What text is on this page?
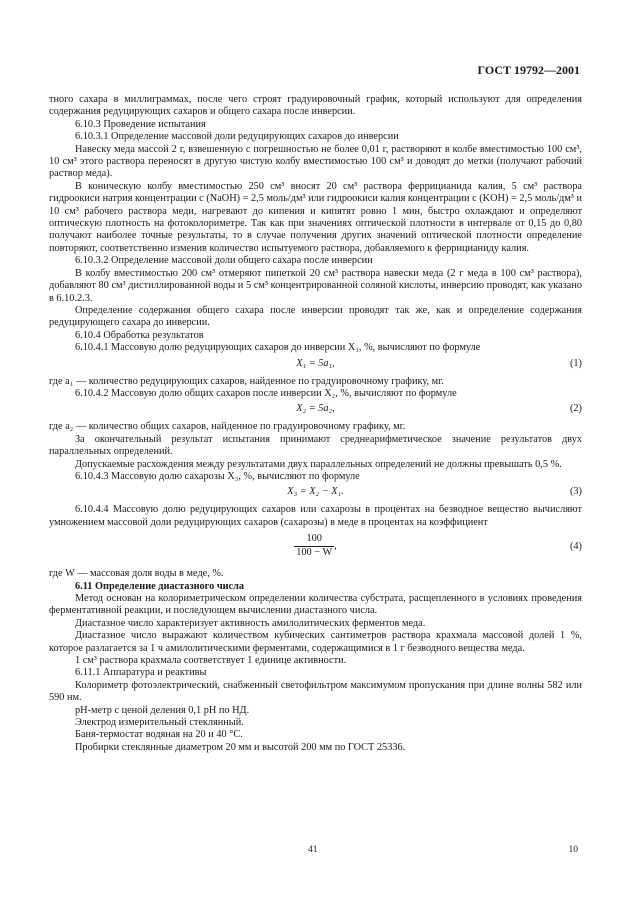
ГОСТ 19792—2001

тного сахара в миллиграммах, после чего строят градуировочный график, который используют для определения содержания редуцирующих сахаров и общего сахара после инверсии.

6.10.3 Проведение испытания

6.10.3.1 Определение массовой доли редуцирующих сахаров до инверсии

Навеску меда массой 2 г, взвешенную с погрешностью не более 0,01 г, растворяют в колбе вместимостью 100 см³, 10 см³ этого раствора переносят в другую чистую колбу вместимостью 100 см³ и доводят до метки (получают рабочий раствор меда).

В коническую колбу вместимостью 250 см³ вносят 20 см³ раствора феррицианида калия, 5 см³ раствора гидроокиси натрия концентрации с (NaOH) = 2,5 моль/дм³ или гидроокиси калия концентрации с (KOH) = 2,5 моль/дм³ и 10 см³ рабочего раствора меди, нагревают до кипения и кипятят ровно 1 мин, быстро охлаждают и определяют оптическую плотность на фотоколориметре. Так как при значениях оптической плотности в интервале от 0,15 до 0,80 получают наиболее точные результаты, то в случае получения других значений оптической плотности определение повторяют, соответственно изменив количество испытуемого раствора, добавляемого к феррицианиду калия.

6.10.3.2 Определение массовой доли общего сахара после инверсии

В колбу вместимостью 200 см³ отмеряют пипеткой 20 см³ раствора навески меда (2 г меда в 100 см³ раствора), добавляют 80 см³ дистиллированной воды и 5 см³ концентрированной соляной кислоты, инверсию проводят, как указано в 6.10.2.3.

Определение содержания общего сахара после инверсии проводят так же, как и определение содержания редуцирующего сахара до инверсии.

6.10.4 Обработка результатов

6.10.4.1 Массовую долю редуцирующих сахаров до инверсии X₁, %, вычисляют по формуле

X₁ = 5a₁,	(1)

где a₁ — количество редуцирующих сахаров, найденное по градуировочному графику, мг.

6.10.4.2 Массовую долю общих сахаров после инверсии X₂, %, вычисляют по формуле

X₂ = 5a₂,	(2)

где a₂ — количество общих сахаров, найденное по градуировочному графику, мг.

За окончательный результат испытания принимают среднеарифметическое значение результатов двух параллельных определений.

Допускаемые расхождения между результатами двух параллельных определений не должны превышать 0,5 %.

6.10.4.3 Массовую долю сахарозы X₃, %, вычисляют по формуле

X₃ = X₂ − X₁.	(3)

6.10.4.4 Массовую долю редуцирующих сахаров или сахарозы в процентах на безводное вещество вычисляют умножением массовой доли редуцирующих сахаров (сахарозы) в меде в процентах на коэффициент

$\frac{100}{100 - W}$ ,	(4)

где W — массовая доля воды в меде, %.

6.11 Определение диастазного числа

Метод основан на колориметрическом определении количества субстрата, расщепленного в условиях проведения ферментативной реакции, и последующем вычислении диастазного числа.

Диастазное число характеризует активность амилолитических ферментов меда.

Диастазное число выражают количеством кубических сантиметров раствора крахмала массовой долей 1 %, которое разлагается за 1 ч амилолитическими ферментами, содержащимися в 1 г безводного вещества меда.

1 см³ раствора крахмала соответствует 1 единице активности.

6.11.1 Аппаратура и реактивы

Колориметр фотоэлектрический, снабженный светофильтром максимумом пропускания при длине волны 582 или 590 нм.

pH-метр с ценой деления 0,1 pH по НД.

Электрод измерительный стеклянный.

Баня-термостат водяная на 20 и 40 °С.

Пробирки стеклянные диаметром 20 мм и высотой 200 мм по ГОСТ 25336.

41	10
